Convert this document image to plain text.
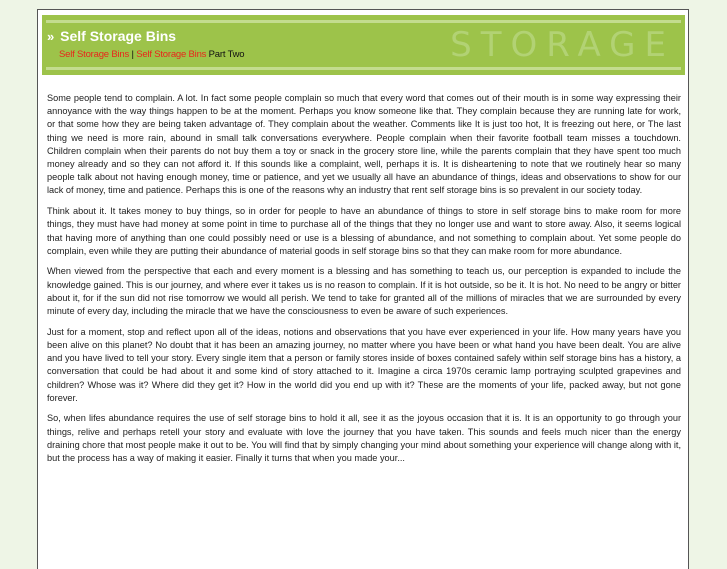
STORAGE
» Self Storage Bins
Self Storage Bins | Self Storage Bins Part Two

Some people tend to complain. A lot. In fact some people complain so much that every word that comes out of their mouth is in some way expressing their annoyance with the way things happen to be at the moment. Perhaps you know someone like that. They complain because they are running late for work, or that some how they are being taken advantage of. They complain about the weather. Comments like It is just too hot, It is freezing out here, or The last thing we need is more rain, abound in small talk conversations everywhere. People complain when their favorite football team misses a touchdown. Children complain when their parents do not buy them a toy or snack in the grocery store line, while the parents complain that they have spent too much money already and so they can not afford it. If this sounds like a complaint, well, perhaps it is. It is disheartening to note that we routinely hear so many people talk about not having enough money, time or patience, and yet we usually all have an abundance of things, ideas and observations to show for our lack of money, time and patience. Perhaps this is one of the reasons why an industry that rent self storage bins is so prevalent in our society today.

Think about it. It takes money to buy things, so in order for people to have an abundance of things to store in self storage bins to make room for more things, they must have had money at some point in time to purchase all of the things that they no longer use and want to store away. Also, it seems logical that having more of anything than one could possibly need or use is a blessing of abundance, and not something to complain about. Yet some people do complain, even while they are putting their abundance of material goods in self storage bins so that they can make room for more abundance.

When viewed from the perspective that each and every moment is a blessing and has something to teach us, our perception is expanded to include the knowledge gained. This is our journey, and where ever it takes us is no reason to complain. If it is hot outside, so be it. It is hot. No need to be angry or bitter about it, for if the sun did not rise tomorrow we would all perish. We tend to take for granted all of the millions of miracles that we are surrounded by every minute of every day, including the miracle that we have the consciousness to even be aware of such experiences.

Just for a moment, stop and reflect upon all of the ideas, notions and observations that you have ever experienced in your life. How many years have you been alive on this planet? No doubt that it has been an amazing journey, no matter where you have been or what hand you have been dealt. You are alive and you have lived to tell your story. Every single item that a person or family stores inside of boxes contained safely within self storage bins has a history, a conversation that could be had about it and some kind of story attached to it. Imagine a circa 1970s ceramic lamp portraying sculpted grapevines and children? Whose was it? Where did they get it? How in the world did you end up with it? These are the moments of your life, packed away, but not gone forever.

So, when lifes abundance requires the use of self storage bins to hold it all, see it as the joyous occasion that it is. It is an opportunity to go through your things, relive and perhaps retell your story and evaluate with love the journey that you have taken. This sounds and feels much nicer than the energy draining chore that most people make it out to be. You will find that by simply changing your mind about something your experience will change along with it, but the process has a way of making it easier. Finally it turns that when you made your...
